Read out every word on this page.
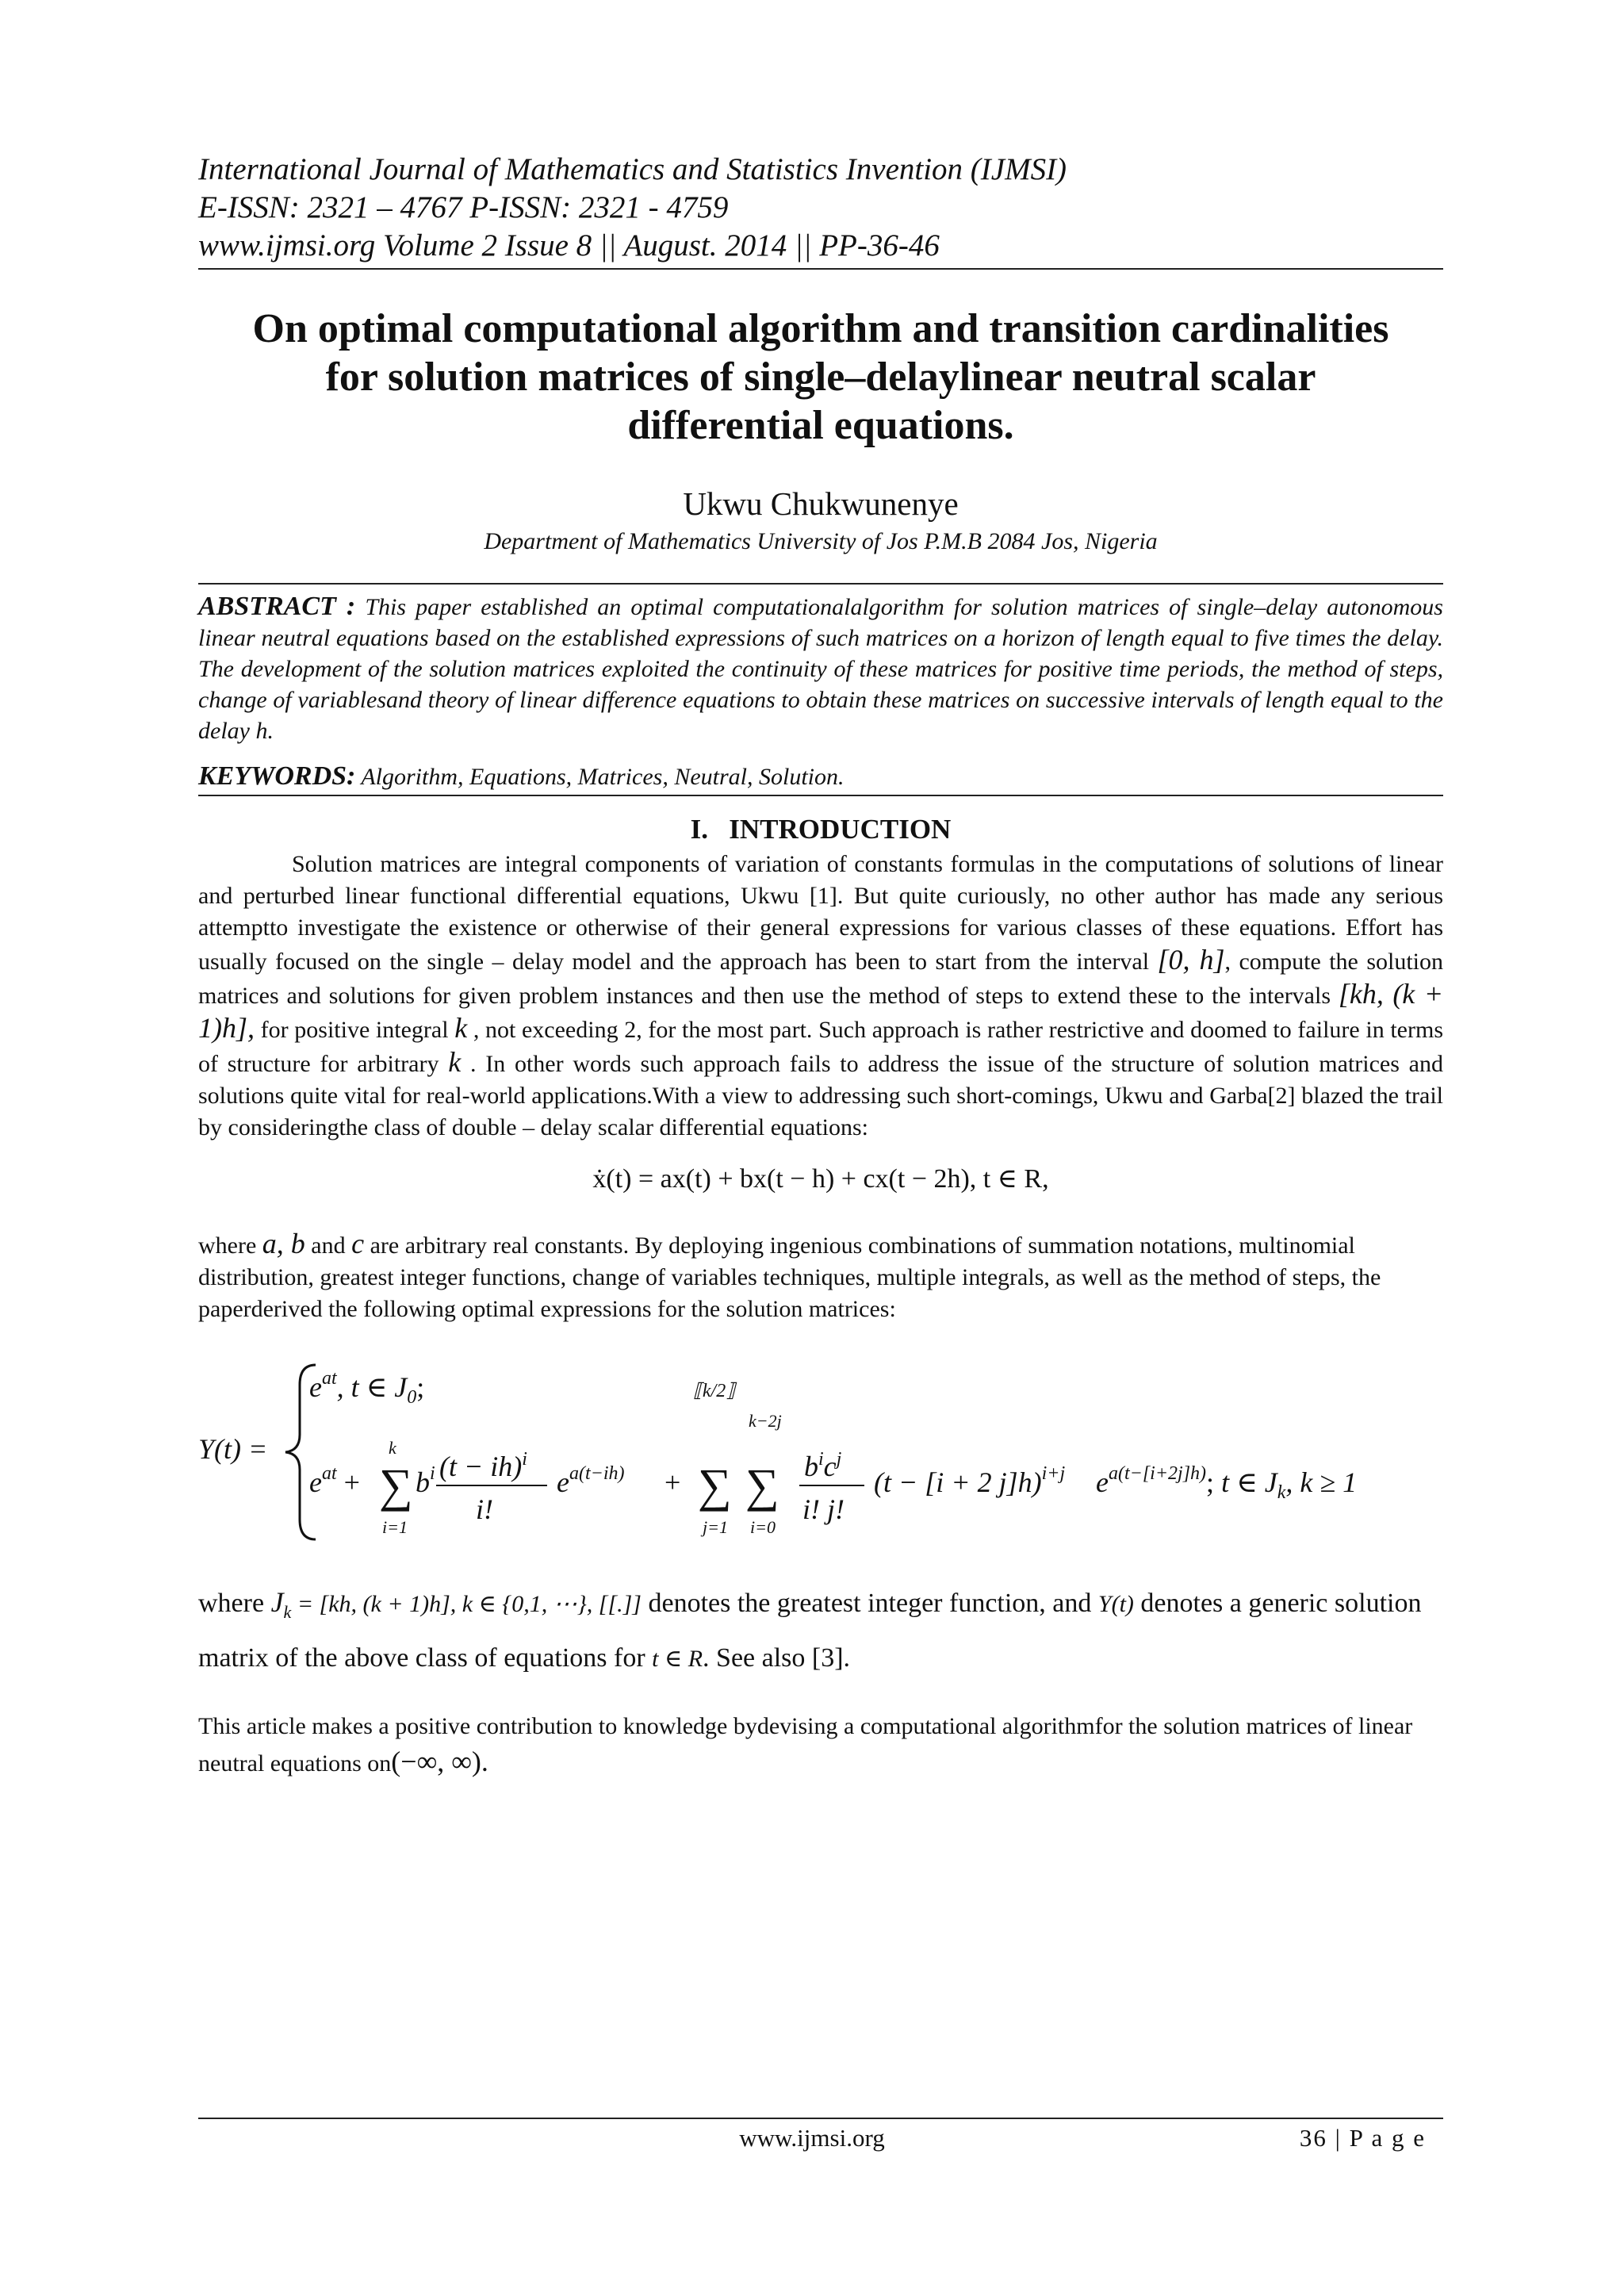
International Journal of Mathematics and Statistics Invention (IJMSI)
E-ISSN: 2321 – 4767 P-ISSN: 2321 - 4759
www.ijmsi.org Volume 2 Issue 8 || August. 2014 || PP-36-46
On optimal computational algorithm and transition cardinalities for solution matrices of single–delaylinear neutral scalar differential equations.
Ukwu Chukwunenye
Department of Mathematics University of Jos P.M.B 2084 Jos, Nigeria
ABSTRACT : This paper established an optimal computationalalgorithm for solution matrices of single–delay autonomous linear neutral equations based on the established expressions of such matrices on a horizon of length equal to five times the delay. The development of the solution matrices exploited the continuity of these matrices for positive time periods, the method of steps, change of variablesand theory of linear difference equations to obtain these matrices on successive intervals of length equal to the delay h.
KEYWORDS: Algorithm, Equations, Matrices, Neutral, Solution.
I. INTRODUCTION

Solution matrices are integral components of variation of constants formulas in the computations of solutions of linear and perturbed linear functional differential equations, Ukwu [1]. But quite curiously, no other author has made any serious attemptto investigate the existence or otherwise of their general expressions for various classes of these equations. Effort has usually focused on the single – delay model and the approach has been to start from the interval [0, h], compute the solution matrices and solutions for given problem instances and then use the method of steps to extend these to the intervals [kh, (k + 1)h], for positive integral k , not exceeding 2, for the most part. Such approach is rather restrictive and doomed to failure in terms of structure for arbitrary k . In other words such approach fails to address the issue of the structure of solution matrices and solutions quite vital for real-world applications.With a view to addressing such short-comings, Ukwu and Garba[2] blazed the trail by consideringthe class of double – delay scalar differential equations:

ẋ(t) = ax(t) + bx(t − h) + cx(t − 2h), t ∈ R,

where a, b and c are arbitrary real constants. By deploying ingenious combinations of summation notations, multinomial distribution, greatest integer functions, change of variables techniques, multiple integrals, as well as the method of steps, the paperderived the following optimal expressions for the solution matrices:

Y(t) =
$e^{at}$, t ∈ $J_0$;
$e^{at}$ + ∑
k
i=1
$b^i$ (t − ih)$^i$
i!
$e^{a(t-ih)}$ +
⟦k/2⟧
∑
j=1
k−2j
∑
i=0
$b^ic^j$
i! j!
(t − [i + 2 j]h)$^{i+j}$ $e^{a(t-[i+2j]h)}$; t ∈ $J_k$, k ≥ 1

where $J_k = [kh$, (k + 1)h], k ∈ {0,1, ⋯}, [[.]] denotes the greatest integer function, and Y(t) denotes a generic solution matrix of the above class of equations for t ∈ R. See also [3].

This article makes a positive contribution to knowledge bydevising a computational algorithmfor the solution matrices of linear neutral equations on(−∞, ∞).

www.ijmsi.org	36 | P a g e
